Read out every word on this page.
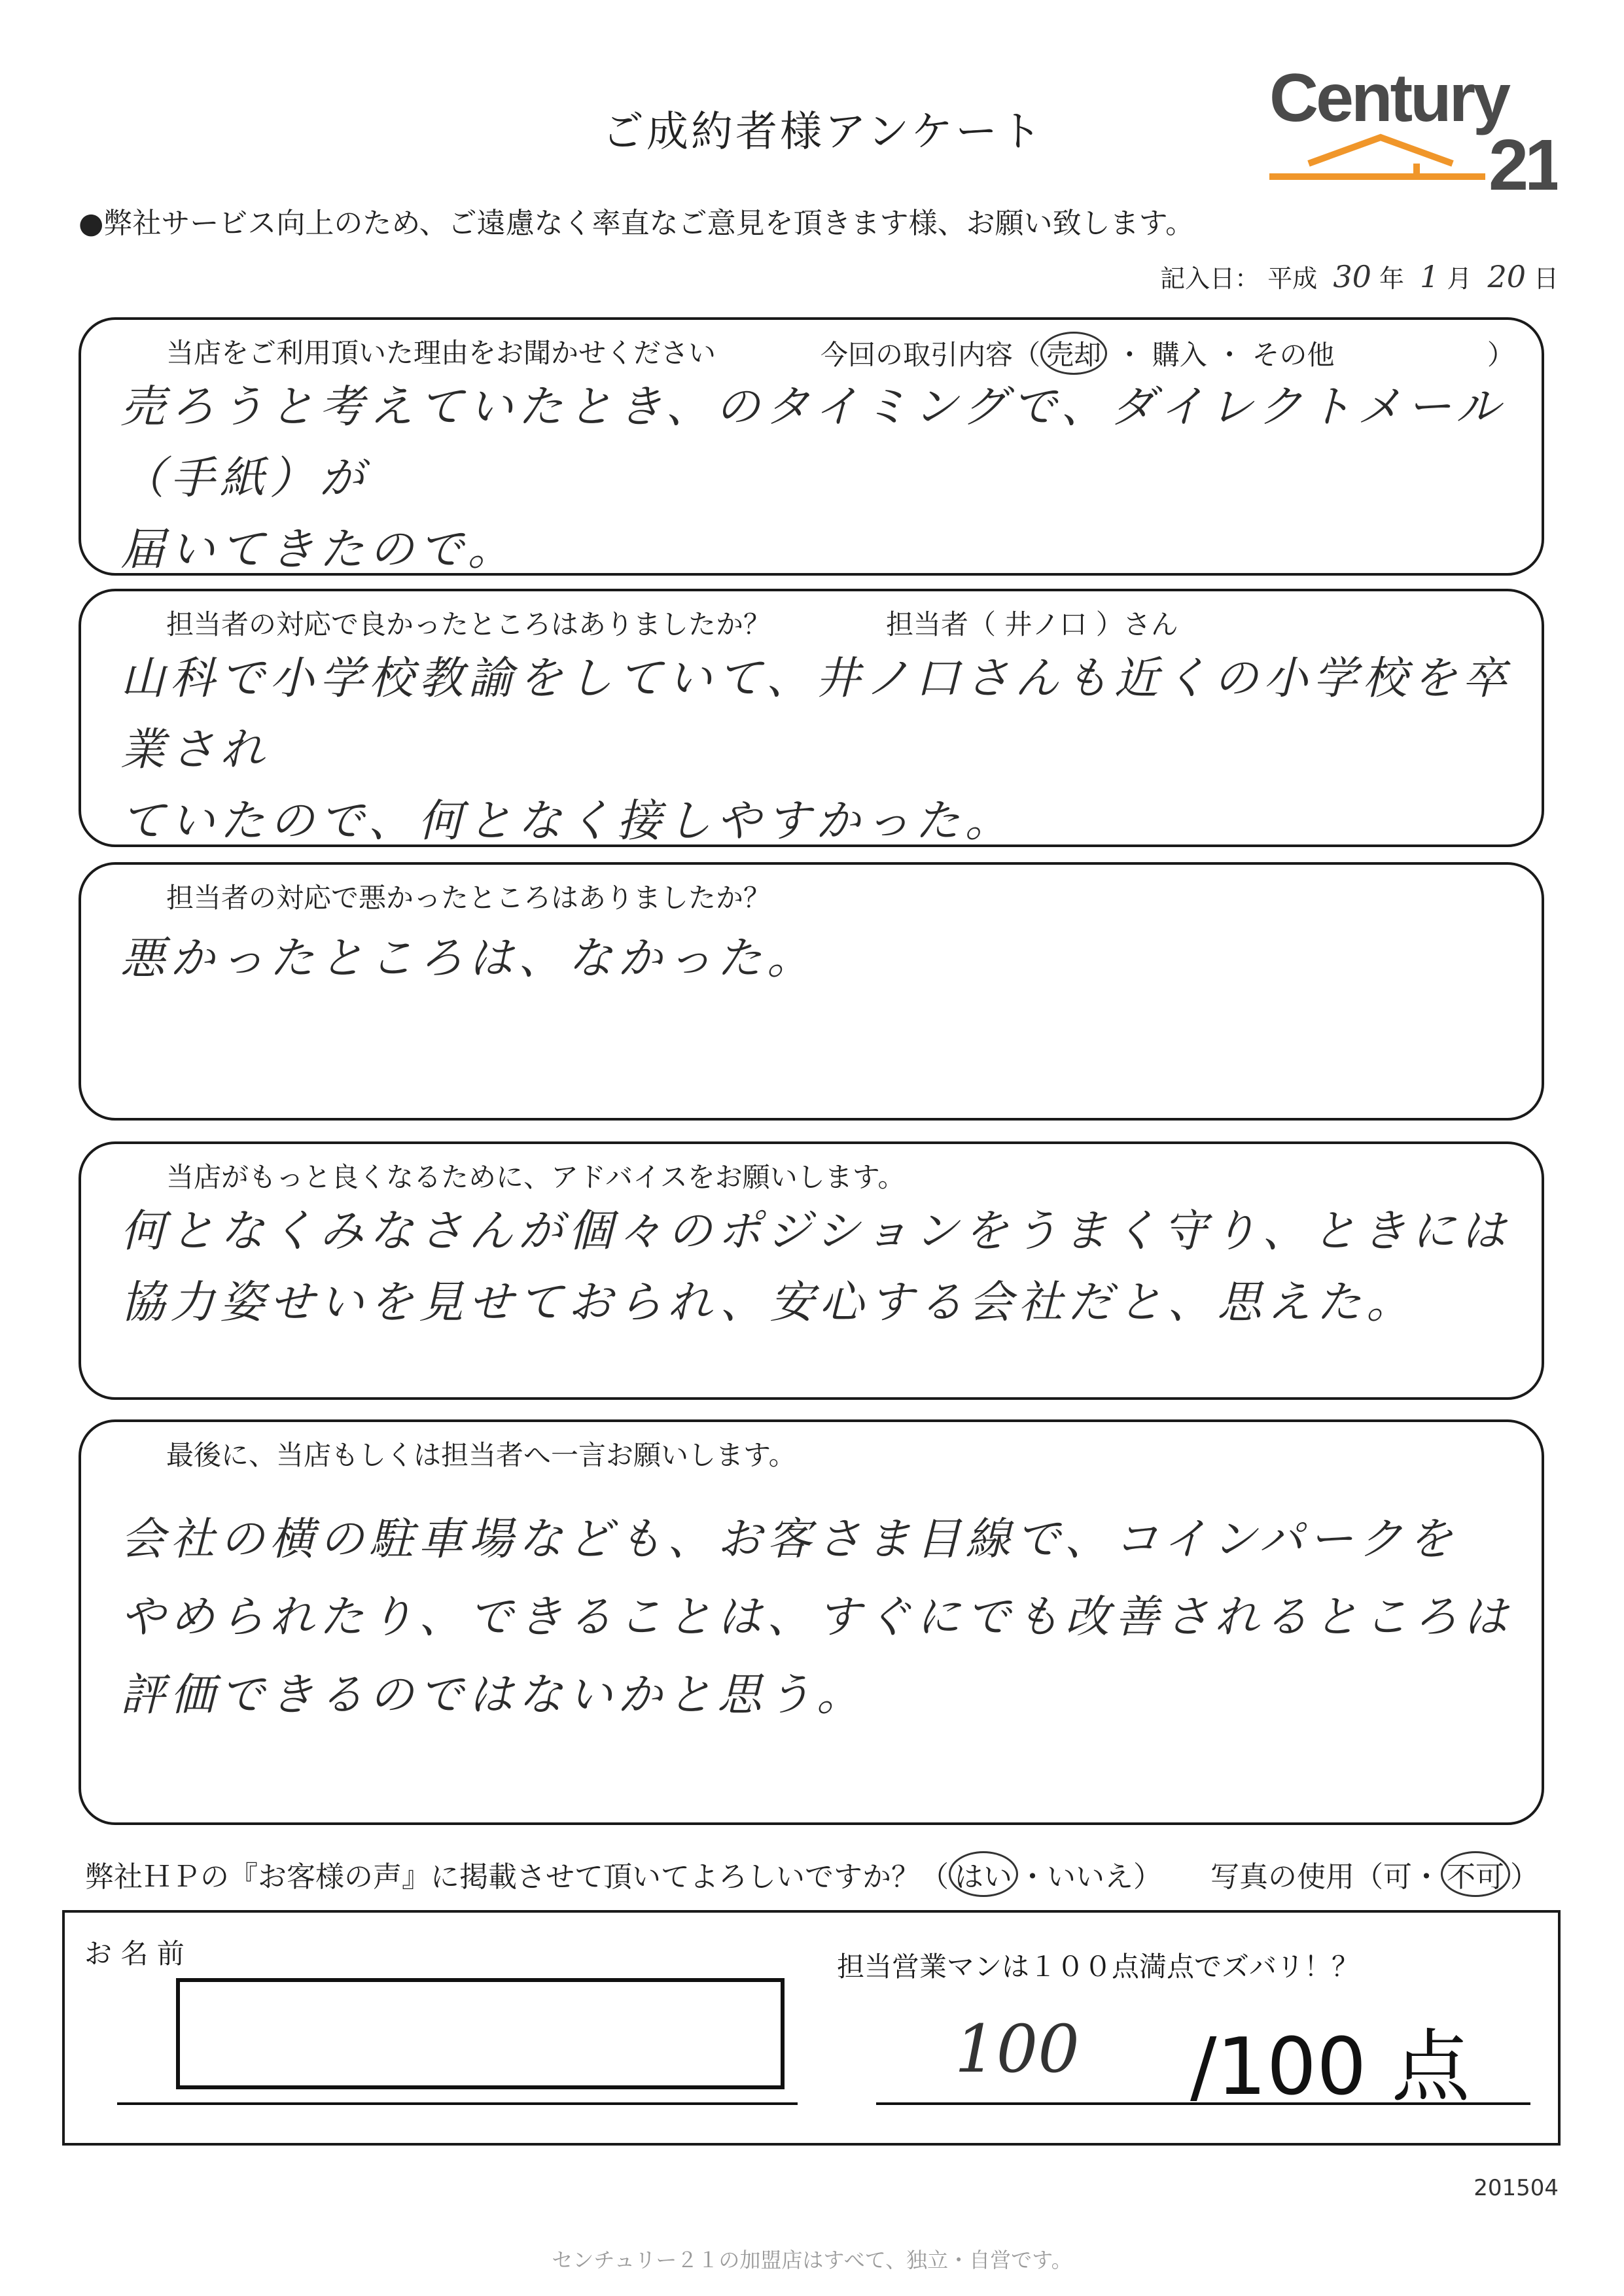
ご成約者様アンケート	Century
21
●弊社サービス向上のため、ご遠慮なく率直なご意見を頂きます様、お願い致します。
記入日： 平成 30 年 1 月 20 日
当店をご利用頂いた理由をお聞かせください	今回の取引内容（ 売却 ・ 購入 ・ その他	）
売ろうと考えていたとき、のタイミングで、ダイレクトメール（手紙）が
届いてきたので。
担当者の対応で良かったところはありましたか？	担当者（ 井ノ口 ）さん
山科で小学校教諭をしていて、井ノ口さんも近くの小学校を卒業され
ていたので、何となく接しやすかった。
担当者の対応で悪かったところはありましたか？
悪かったところは、なかった。
当店がもっと良くなるために、アドバイスをお願いします。
何となくみなさんが個々のポジションをうまく守り、ときには
協力姿せいを見せておられ、安心する会社だと、思えた。
最後に、当店もしくは担当者へ一言お願いします。
会社の横の駐車場なども、お客さま目線で、コインパークを
やめられたり、できることは、すぐにでも改善されるところは
評価できるのではないかと思う。
弊社ＨＰの『お客様の声』に掲載させて頂いてよろしいですか？（ はい ・いいえ） 写真の使用（可・ 不可 ）
お 名 前	担当営業マンは１００点満点でズバリ！？
100 /100 点
201504
センチュリー２１の加盟店はすべて、独立・自営です。
